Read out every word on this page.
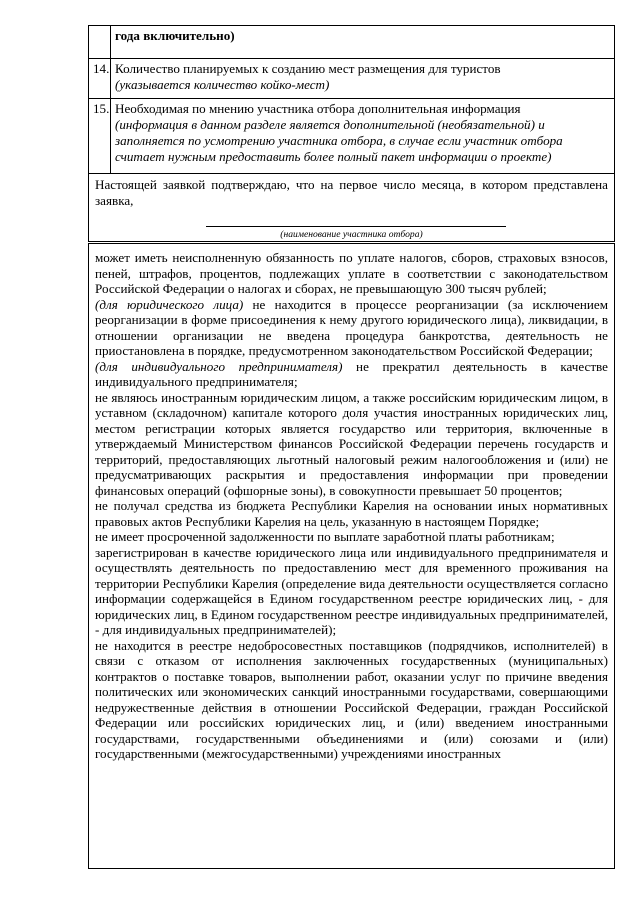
	года включительно)
14.	Количество планируемых к созданию мест размещения для туристов
(указывается количество койко-мест)
15.	Необходимая по мнению участника отбора дополнительная информация
(информация в данном разделе является дополнительной (необязательной) и заполняется по усмотрению участника отбора, в случае если участник отбора считает нужным предоставить более полный пакет информации о проекте)
Настоящей заявкой подтверждаю, что на первое число месяца, в котором представлена заявка,
(наименование участника отбора)

может иметь неисполненную обязанность по уплате налогов, сборов, страховых взносов, пеней, штрафов, процентов, подлежащих уплате в соответствии с законодательством Российской Федерации о налогах и сборах, не превышающую 300 тысяч рублей;

(для юридического лица) не находится в процессе реорганизации (за исключением реорганизации в форме присоединения к нему другого юридического лица), ликвидации, в отношении организации не введена процедура банкротства, деятельность не приостановлена в порядке, предусмотренном законодательством Российской Федерации;

(для индивидуального предпринимателя) не прекратил деятельность в качестве индивидуального предпринимателя;

не являюсь иностранным юридическим лицом, а также российским юридическим лицом, в уставном (складочном) капитале которого доля участия иностранных юридических лиц, местом регистрации которых является государство или территория, включенные в утверждаемый Министерством финансов Российской Федерации перечень государств и территорий, предоставляющих льготный налоговый режим налогообложения и (или) не предусматривающих раскрытия и предоставления информации при проведении финансовых операций (офшорные зоны), в совокупности превышает 50 процентов;

не получал средства из бюджета Республики Карелия на основании иных нормативных правовых актов Республики Карелия на цель, указанную в настоящем Порядке;

не имеет просроченной задолженности по выплате заработной платы работникам;

зарегистрирован в качестве юридического лица или индивидуального предпринимателя и осуществлять деятельность по предоставлению мест для временного проживания на территории Республики Карелия (определение вида деятельности осуществляется согласно информации содержащейся в Едином государственном реестре юридических лиц, - для юридических лиц, в Едином государственном реестре индивидуальных предпринимателей, - для индивидуальных предпринимателей);

не находится в реестре недобросовестных поставщиков (подрядчиков, исполнителей) в связи с отказом от исполнения заключенных государственных (муниципальных) контрактов о поставке товаров, выполнении работ, оказании услуг по причине введения политических или экономических санкций иностранными государствами, совершающими недружественные действия в отношении Российской Федерации, граждан Российской Федерации или российских юридических лиц, и (или) введением иностранными государствами, государственными объединениями и (или) союзами и (или) государственными (межгосударственными) учреждениями иностранных
